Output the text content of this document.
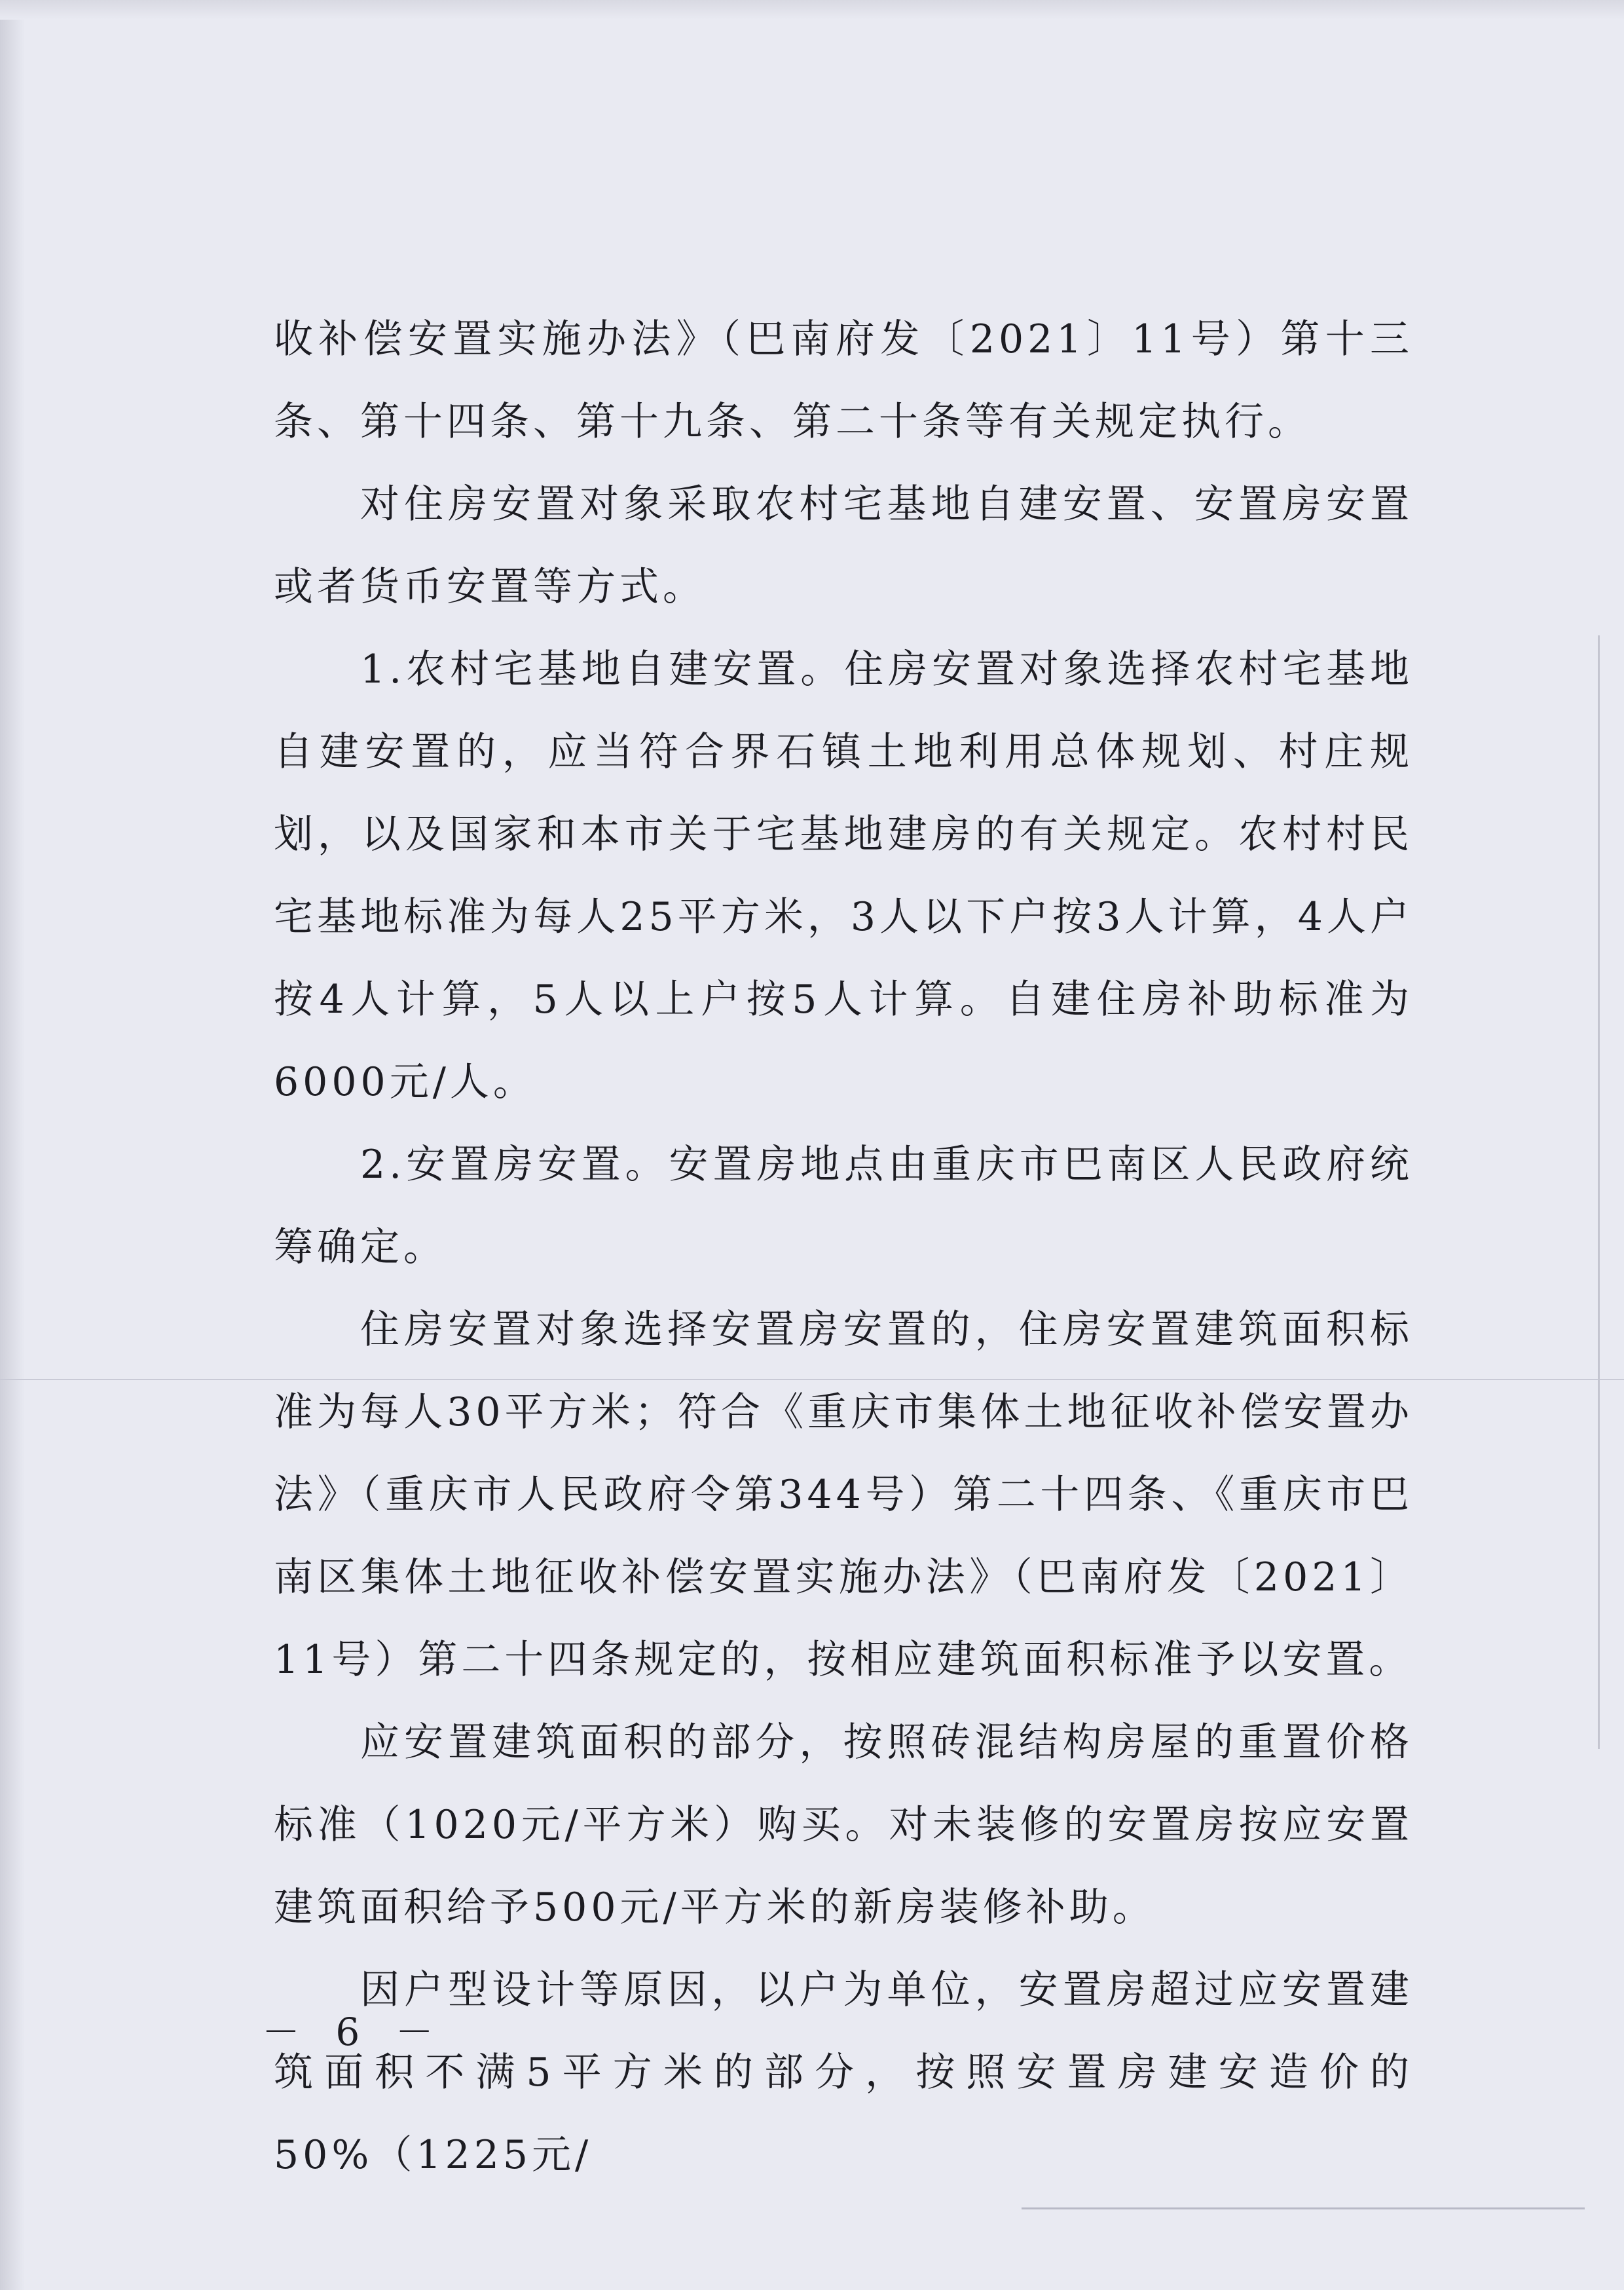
收补偿安置实施办法》（巴南府发〔2021〕11号）第十三条、第十四条、第十九条、第二十条等有关规定执行。

对住房安置对象采取农村宅基地自建安置、安置房安置或者货币安置等方式。

1.农村宅基地自建安置。住房安置对象选择农村宅基地自建安置的，应当符合界石镇土地利用总体规划、村庄规划，以及国家和本市关于宅基地建房的有关规定。农村村民宅基地标准为每人25平方米，3人以下户按3人计算，4人户按4人计算，5人以上户按5人计算。自建住房补助标准为6000元/人。

2.安置房安置。安置房地点由重庆市巴南区人民政府统筹确定。

住房安置对象选择安置房安置的，住房安置建筑面积标准为每人30平方米；符合《重庆市集体土地征收补偿安置办法》（重庆市人民政府令第344号）第二十四条、《重庆市巴南区集体土地征收补偿安置实施办法》（巴南府发〔2021〕11号）第二十四条规定的，按相应建筑面积标准予以安置。

应安置建筑面积的部分，按照砖混结构房屋的重置价格标准（1020元/平方米）购买。对未装修的安置房按应安置建筑面积给予500元/平方米的新房装修补助。

因户型设计等原因，以户为单位，安置房超过应安置建筑面积不满5平方米的部分，按照安置房建安造价的50%（1225元/

－ 6 －
